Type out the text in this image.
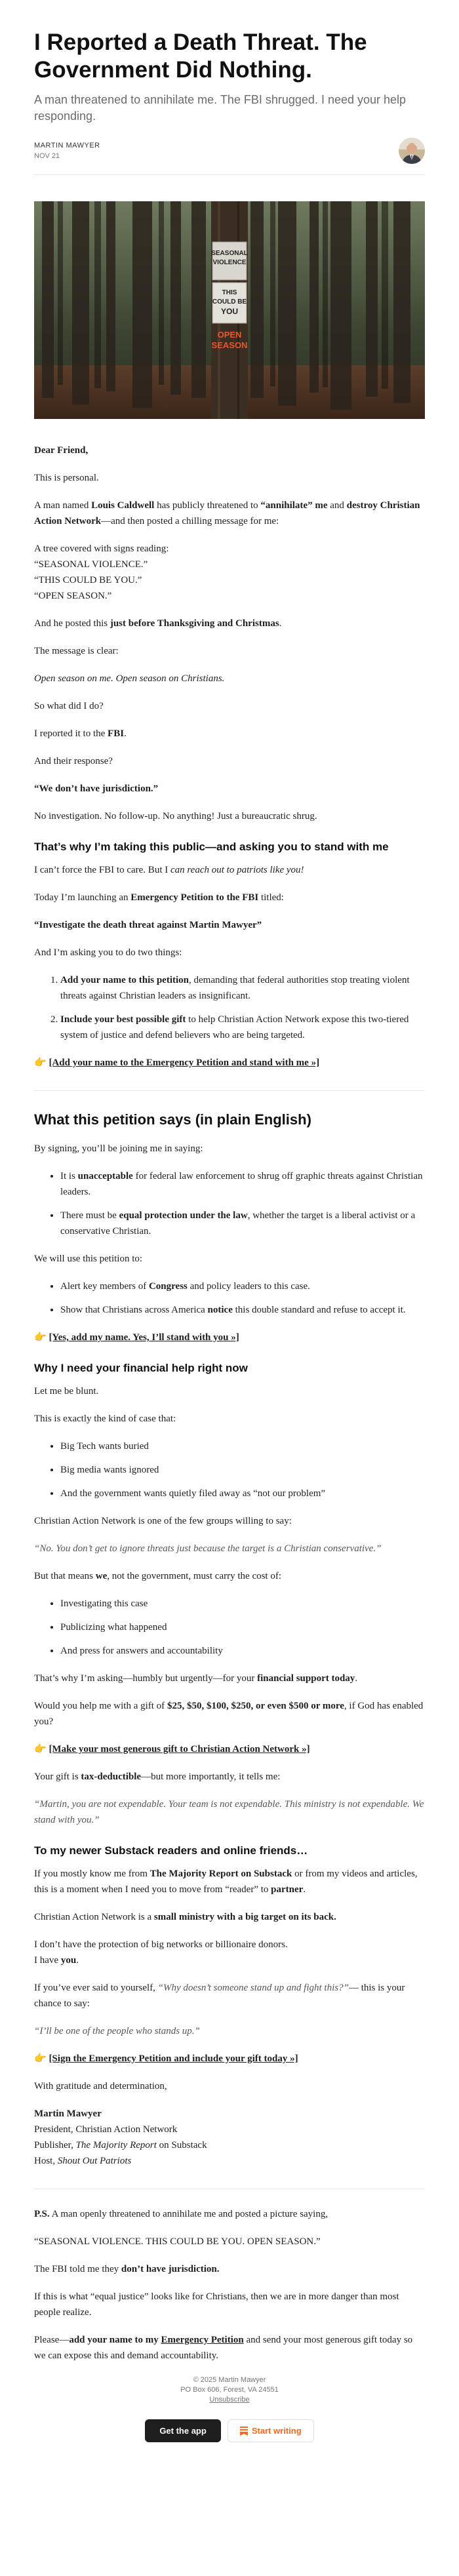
I Reported a Death Threat. The Government Did Nothing.
A man threatened to annihilate me. The FBI shrugged. I need your help responding.
MARTIN MAWYER
NOV 21
SEASONAL
VIOLENCE
THIS
COULD BE
YOU
OPEN
SEASON

Dear Friend,

This is personal.

A man named Louis Caldwell has publicly threatened to “annihilate” me and destroy Christian Action Network—and then posted a chilling message for me:

A tree covered with signs reading:
“SEASONAL VIOLENCE.”
“THIS COULD BE YOU.”
“OPEN SEASON.”

And he posted this just before Thanksgiving and Christmas.

The message is clear:

Open season on me. Open season on Christians.

So what did I do?

I reported it to the FBI.

And their response?

“We don’t have jurisdiction.”

No investigation. No follow-up. No anything! Just a bureaucratic shrug.

That’s why I’m taking this public—and asking you to stand with me

I can’t force the FBI to care. But I can reach out to patriots like you!

Today I’m launching an Emergency Petition to the FBI titled:

“Investigate the death threat against Martin Mawyer”

And I’m asking you to do two things:

1. Add your name to this petition, demanding that federal authorities stop treating violent threats against Christian leaders as insignificant.
2. Include your best possible gift to help Christian Action Network expose this two-tiered system of justice and defend believers who are being targeted.

👉 [Add your name to the Emergency Petition and stand with me »]

What this petition says (in plain English)

By signing, you’ll be joining me in saying:

• It is unacceptable for federal law enforcement to shrug off graphic threats against Christian leaders.
• There must be equal protection under the law, whether the target is a liberal activist or a conservative Christian.

We will use this petition to:

• Alert key members of Congress and policy leaders to this case.
• Show that Christians across America notice this double standard and refuse to accept it.

👉 [Yes, add my name. Yes, I’ll stand with you »]

Why I need your financial help right now

Let me be blunt.

This is exactly the kind of case that:

• Big Tech wants buried
• Big media wants ignored
• And the government wants quietly filed away as “not our problem”

Christian Action Network is one of the few groups willing to say:

“No. You don’t get to ignore threats just because the target is a Christian conservative.”

But that means we, not the government, must carry the cost of:

• Investigating this case
• Publicizing what happened
• And press for answers and accountability

That’s why I’m asking—humbly but urgently—for your financial support today.

Would you help me with a gift of $25, $50, $100, $250, or even $500 or more, if God has enabled you?

👉 [Make your most generous gift to Christian Action Network »]

Your gift is tax-deductible—but more importantly, it tells me:

“Martin, you are not expendable. Your team is not expendable. This ministry is not expendable. We stand with you.”

To my newer Substack readers and online friends…

If you mostly know me from The Majority Report on Substack or from my videos and articles, this is a moment when I need you to move from “reader” to partner.

Christian Action Network is a small ministry with a big target on its back.

I don’t have the protection of big networks or billionaire donors.

I have you.

If you’ve ever said to yourself, “Why doesn’t someone stand up and fight this?”— this is your chance to say:

“I’ll be one of the people who stands up.”

👉 [Sign the Emergency Petition and include your gift today »]

With gratitude and determination,

Martin Mawyer
President, Christian Action Network
Publisher, The Majority Report on Substack
Host, Shout Out Patriots

P.S. A man openly threatened to annihilate me and posted a picture saying,

“SEASONAL VIOLENCE. THIS COULD BE YOU. OPEN SEASON.”

The FBI told me they don’t have jurisdiction.

If this is what “equal justice” looks like for Christians, then we are in more danger than most people realize.

Please—add your name to my Emergency Petition and send your most generous gift today so we can expose this and demand accountability.

© 2025 Martin Mawyer
PO Box 606, Forest, VA 24551
Unsubscribe
Get the app	Start writing
